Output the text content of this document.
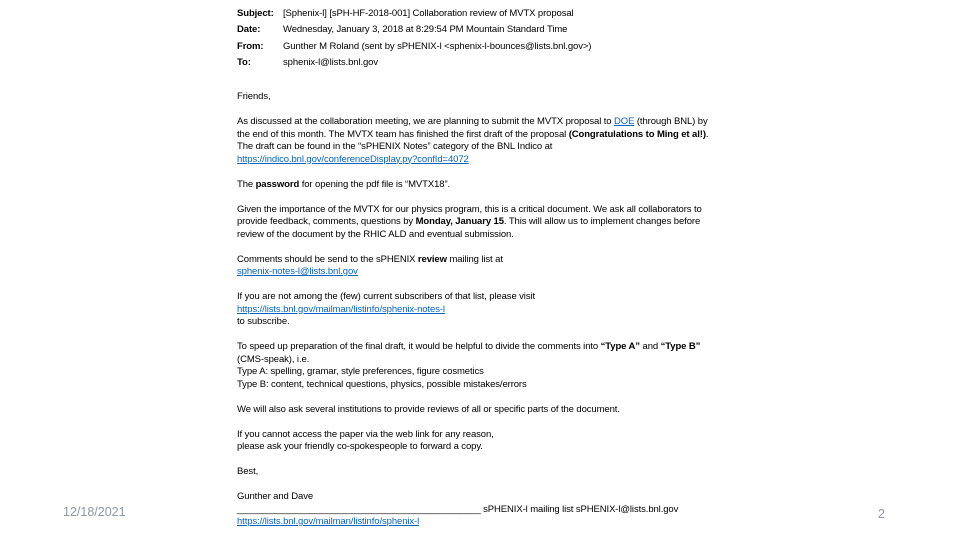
Subject: [Sphenix-l] [sPH-HF-2018-001] Collaboration review of MVTX proposal
Date: Wednesday, January 3, 2018 at 8:29:54 PM Mountain Standard Time
From: Gunther M Roland (sent by sPHENIX-l <sphenix-l-bounces@lists.bnl.gov>)
To:	sphenix-l@lists.bnl.gov
Friends,

As discussed at the collaboration meeting, we are planning to submit the MVTX proposal to DOE (through BNL) by
the end of this month. The MVTX team has finished the first draft of the proposal (Congratulations to Ming et al!).
The draft can be found in the “sPHENIX Notes” category of the BNL Indico at
https://indico.bnl.gov/conferenceDisplay.py?confId=4072

The password for opening the pdf file is “MVTX18”.

Given the importance of the MVTX for our physics program, this is a critical document. We ask all collaborators to
provide feedback, comments, questions by Monday, January 15. This will allow us to implement changes before
review of the document by the RHIC ALD and eventual submission.

Comments should be send to the sPHENIX review mailing list at
sphenix-notes-l@lists.bnl.gov

If you are not among the (few) current subscribers of that list, please visit
https://lists.bnl.gov/mailman/listinfo/sphenix-notes-l
to subscribe.

To speed up preparation of the final draft, it would be helpful to divide the comments into “Type A” and “Type B”
(CMS-speak), i.e.
Type A: spelling, gramar, style preferences, figure cosmetics
Type B: content, technical questions, physics, possible mistakes/errors

We will also ask several institutions to provide reviews of all or specific parts of the document.

If you cannot access the paper via the web link for any reason,
please ask your friendly co-spokespeople to forward a copy.

Best,

Gunther and Dave
_______________________________________________ sPHENIX-l mailing list sPHENIX-l@lists.bnl.gov
https://lists.bnl.gov/mailman/listinfo/sphenix-l
12/18/2021	2
